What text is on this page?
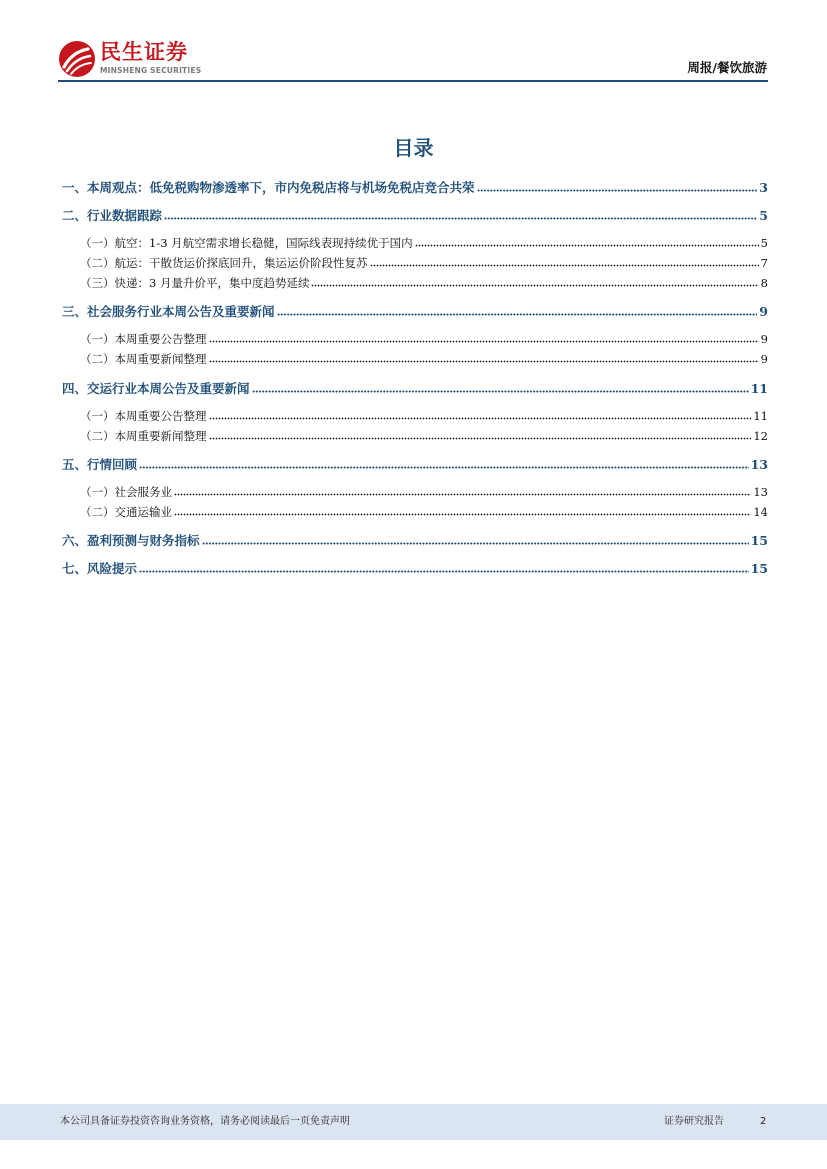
民生证券
MINSHENG SECURITIES	周报/餐饮旅游
目录
一、本周观点：低免税购物渗透率下，市内免税店将与机场免税店竞合共荣	3
二、行业数据跟踪	5
（一）航空：1-3 月航空需求增长稳健，国际线表现持续优于国内	5
（二）航运：干散货运价探底回升，集运运价阶段性复苏	7
（三）快递：3 月量升价平，集中度趋势延续	8
三、社会服务行业本周公告及重要新闻	9
（一）本周重要公告整理	9
（二）本周重要新闻整理	9
四、交运行业本周公告及重要新闻	11
（一）本周重要公告整理	11
（二）本周重要新闻整理	12
五、行情回顾	13
（一）社会服务业	13
（二）交通运输业	14
六、盈利预测与财务指标	15
七、风险提示	15
本公司具备证券投资咨询业务资格，请务必阅读最后一页免责声明	证券研究报告	2
